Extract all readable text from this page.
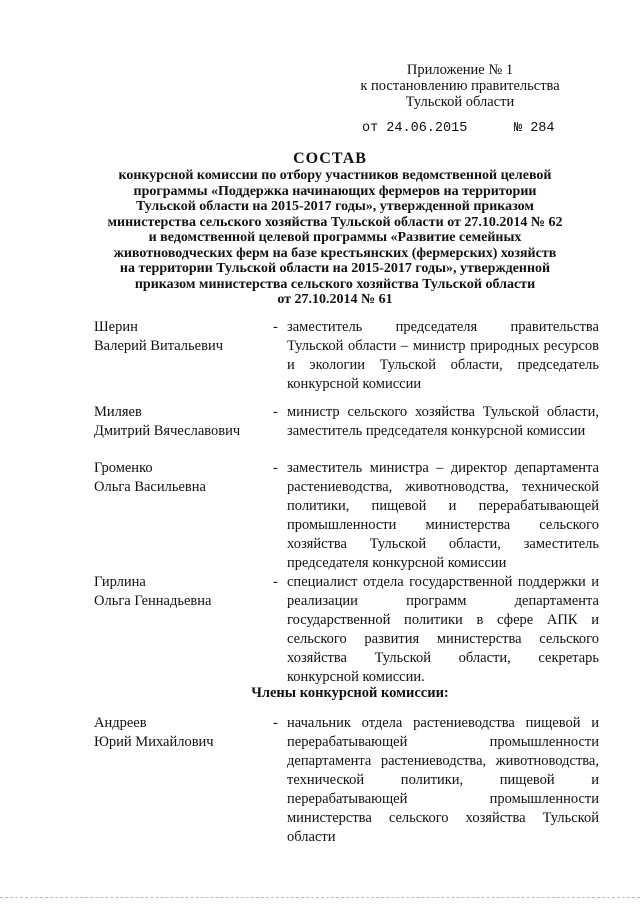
Приложение № 1
к постановлению правительства
Тульской области
от 24.06.2015	№ 284
СОСТАВ
конкурсной комиссии по отбору участников ведомственной целевой
программы «Поддержка начинающих фермеров на территории
Тульской области на 2015-2017 годы», утвержденной приказом
министерства сельского хозяйства Тульской области от 27.10.2014 № 62
и ведомственной целевой программы «Развитие семейных
животноводческих ферм на базе крестьянских (фермерских) хозяйств
на территории Тульской области на 2015-2017 годы», утвержденной
приказом министерства сельского хозяйства Тульской области
от 27.10.2014 № 61
Шерин
Валерий Витальевич
- заместитель председателя правительства Тульской области – министр природных ресурсов и экологии Тульской области, председатель конкурсной комиссии
Миляев
Дмитрий Вячеславович
- министр сельского хозяйства Тульской области, заместитель председателя конкурсной комиссии
Громенко
Ольга Васильевна
- заместитель министра – директор департамента растениеводства, животноводства, технической политики, пищевой и перерабатывающей промышленности министерства сельского хозяйства Тульской области, заместитель председателя конкурсной комиссии
Гирлина
Ольга Геннадьевна
- специалист отдела государственной поддержки и реализации программ департамента государственной политики в сфере АПК и сельского развития министерства сельского хозяйства Тульской области, секретарь конкурсной комиссии.
Члены конкурсной комиссии:
Андреев
Юрий Михайлович
- начальник отдела растениеводства пищевой и перерабатывающей промышленности департамента растениеводства, животноводства, технической политики, пищевой и перерабатывающей промышленности министерства сельского хозяйства Тульской области
